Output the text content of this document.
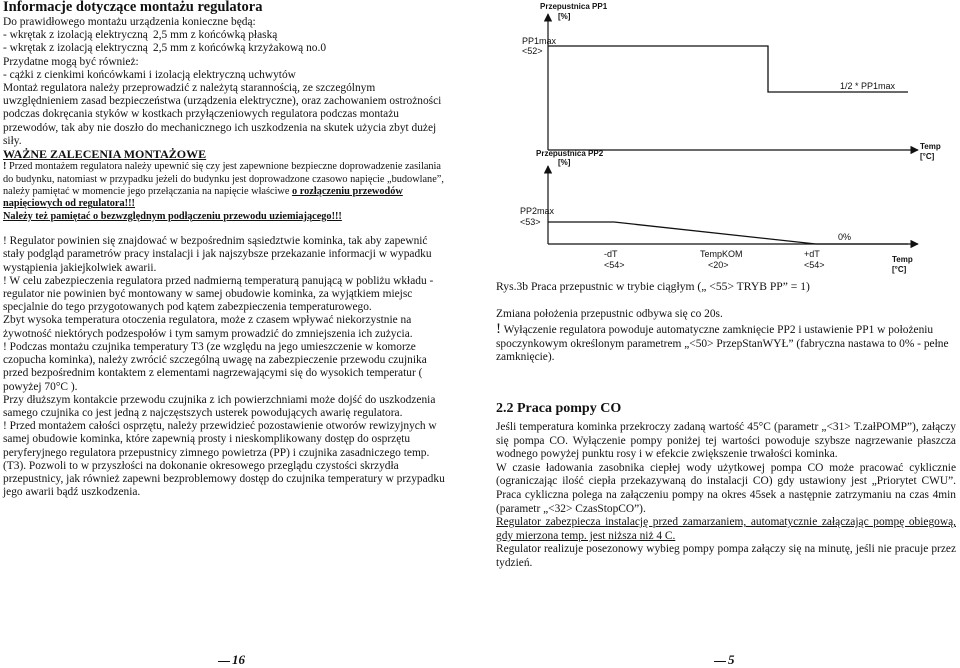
Informacje dotyczące montażu regulatora

Do prawidłowego montażu urządzenia konieczne będą:

- wkrętak z izolacją elektryczną 2,5 mm z końcówką płaską

- wkrętak z izolacją elektryczną 2,5 mm z końcówką krzyżakową no.0

Przydatne mogą być również:

- cążki z cienkimi końcówkami i izolacją elektryczną uchwytów

Montaż regulatora należy przeprowadzić z należytą starannością, ze szczególnym

uwzględnieniem zasad bezpieczeństwa (urządzenia elektryczne), oraz zachowaniem ostrożności

podczas dokręcania styków w kostkach przyłączeniowych regulatora podczas montażu

przewodów, tak aby nie doszło do mechanicznego ich uszkodzenia na skutek użycia zbyt dużej

siły.

WAŻNE ZALECENIA MONTAŻOWE

! Przed montażem regulatora należy upewnić się czy jest zapewnione bezpieczne doprowadzenie zasilania

do budynku, natomiast w przypadku jeżeli do budynku jest doprowadzone czasowo napięcie „budowlane”,

należy pamiętać w momencie jego przełączania na napięcie właściwe o rozłączeniu przewodów

napięciowych od regulatora!!!

Należy też pamiętać o bezwzględnym podłączeniu przewodu uziemiającego!!!

! Regulator powinien się znajdować w bezpośrednim sąsiedztwie kominka, tak aby zapewnić

stały podgląd parametrów pracy instalacji i jak najszybsze przekazanie informacji w wypadku

wystąpienia jakiejkolwiek awarii.

! W celu zabezpieczenia regulatora przed nadmierną temperaturą panującą w pobliżu wkładu -

regulator nie powinien być montowany w samej obudowie kominka, za wyjątkiem miejsc

specjalnie do tego przygotowanych pod kątem zabezpieczenia temperaturowego.

Zbyt wysoka temperatura otoczenia regulatora, może z czasem wpływać niekorzystnie na

żywotność niektórych podzespołów i tym samym prowadzić do zmniejszenia ich zużycia.

! Podczas montażu czujnika temperatury T3 (ze względu na jego umieszczenie w komorze

czopucha kominka), należy zwrócić szczególną uwagę na zabezpieczenie przewodu czujnika

przed bezpośrednim kontaktem z elementami nagrzewającymi się do wysokich temperatur (

powyżej 70°C ).

Przy dłuższym kontakcie przewodu czujnika z ich powierzchniami może dojść do uszkodzenia

samego czujnika co jest jedną z najczęstszych usterek powodujących awarię regulatora.

! Przed montażem całości osprzętu, należy przewidzieć pozostawienie otworów rewizyjnych w

samej obudowie kominka, które zapewnią prosty i nieskomplikowany dostęp do osprzętu

peryferyjnego regulatora przepustnicy zimnego powietrza (PP) i czujnika zasadniczego temp.

(T3). Pozwoli to w przyszłości na dokonanie okresowego przeglądu czystości skrzydła

przepustnicy, jak również zapewni bezproblemowy dostęp do czujnika temperatury w przypadku

jego awarii bądź uszkodzenia.

Przepustnica PP1
[%]
PP1max
<52>
1/2 * PP1max
Temp
[°C]
Przepustnica PP2
[%]
PP2max
<53>
0%
-dT
<54>
TempKOM
<20>
+dT
<54>
Temp
[°C]

Rys.3b Praca przepustnic w trybie ciągłym („ <55> TRYB PP” = 1)

Zmiana położenia przepustnic odbywa się co 20s.

! Wyłączenie regulatora powoduje automatyczne zamknięcie PP2 i ustawienie PP1 w położeniu spoczynkowym określonym parametrem „<50> PrzepStanWYŁ” (fabryczna nastawa to 0% - pełne zamknięcie).

2.2 Praca pompy CO

Jeśli temperatura kominka przekroczy zadaną wartość 45°C (parametr „<31> T.załPOMP”), załączy się pompa CO. Wyłączenie pompy poniżej tej wartości powoduje szybsze nagrzewanie płaszcza wodnego powyżej punktu rosy i w efekcie zwiększenie trwałości kominka.

W czasie ładowania zasobnika ciepłej wody użytkowej pompa CO może pracować cyklicznie (ograniczając ilość ciepła przekazywaną do instalacji CO) gdy ustawiony jest „Priorytet CWU”. Praca cykliczna polega na załączeniu pompy na okres 45sek a następnie zatrzymaniu na czas 4min (parametr „<32> CzasStopCO”).

Regulator zabezpiecza instalację przed zamarzaniem, automatycznie załączając pompę obiegową, gdy mierzona temp. jest niższa niż 4 C.

Regulator realizuje posezonowy wybieg pompy pompa załączy się na minutę, jeśli nie pracuje przez tydzień.

16	5
